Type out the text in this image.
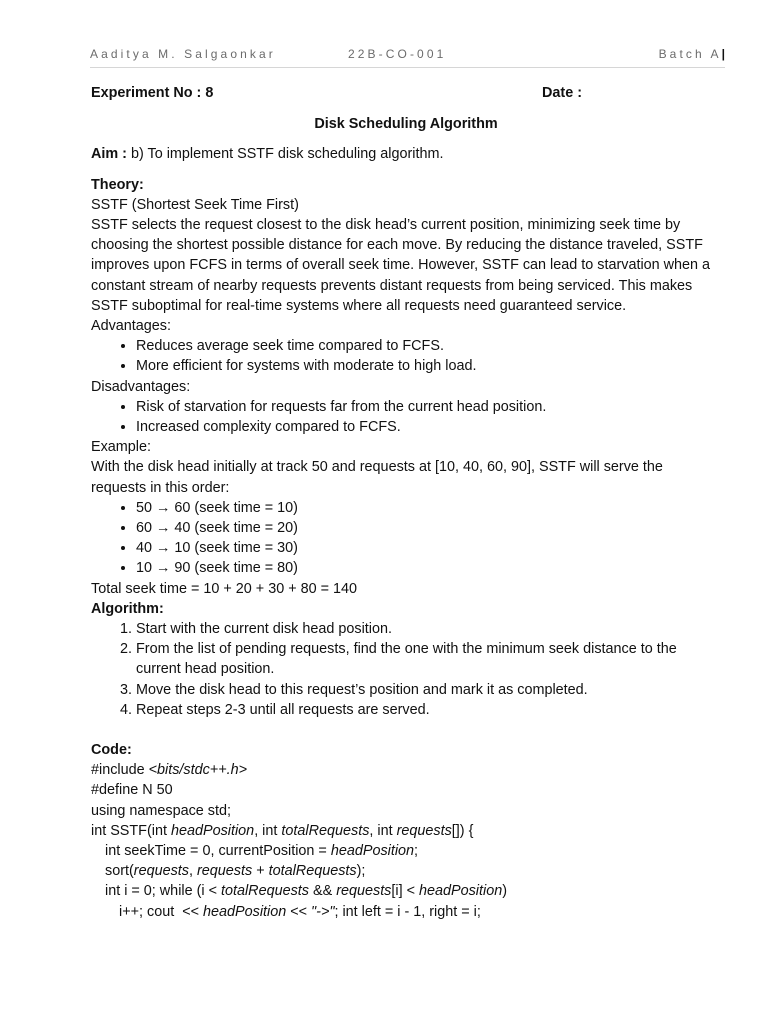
Aaditya M. Salgaonkar	22B-CO-001	Batch A|
Experiment No : 8	Date :
Disk Scheduling Algorithm
Aim : b) To implement SSTF disk scheduling algorithm.

Theory:

SSTF (Shortest Seek Time First)

SSTF selects the request closest to the disk head’s current position, minimizing seek time by choosing the shortest possible distance for each move. By reducing the distance traveled, SSTF improves upon FCFS in terms of overall seek time. However, SSTF can lead to starvation when a constant stream of nearby requests prevents distant requests from being serviced. This makes SSTF suboptimal for real-time systems where all requests need guaranteed service.

Advantages:

• Reduces average seek time compared to FCFS.
• More efficient for systems with moderate to high load.

Disadvantages:

• Risk of starvation for requests far from the current head position.
• Increased complexity compared to FCFS.

Example:

With the disk head initially at track 50 and requests at [10, 40, 60, 90], SSTF will serve the requests in this order:

• 50 → 60 (seek time = 10)
• 60 → 40 (seek time = 20)
• 40 → 10 (seek time = 30)
• 10 → 90 (seek time = 80)

Total seek time = 10 + 20 + 30 + 80 = 140

Algorithm:

1. Start with the current disk head position.
2. From the list of pending requests, find the one with the minimum seek distance to the current head position.
3. Move the disk head to this request’s position and mark it as completed.
4. Repeat steps 2-3 until all requests are served.

Code:

#include <bits/stdc++.h>
#define N 50
using namespace std;
int SSTF(int headPosition, int totalRequests, int requests[]) {
int seekTime = 0, currentPosition = headPosition;
sort(requests, requests + totalRequests);
int i = 0; while (i < totalRequests && requests[i] < headPosition)
i++; cout  << headPosition << "->"; int left = i - 1, right = i;
